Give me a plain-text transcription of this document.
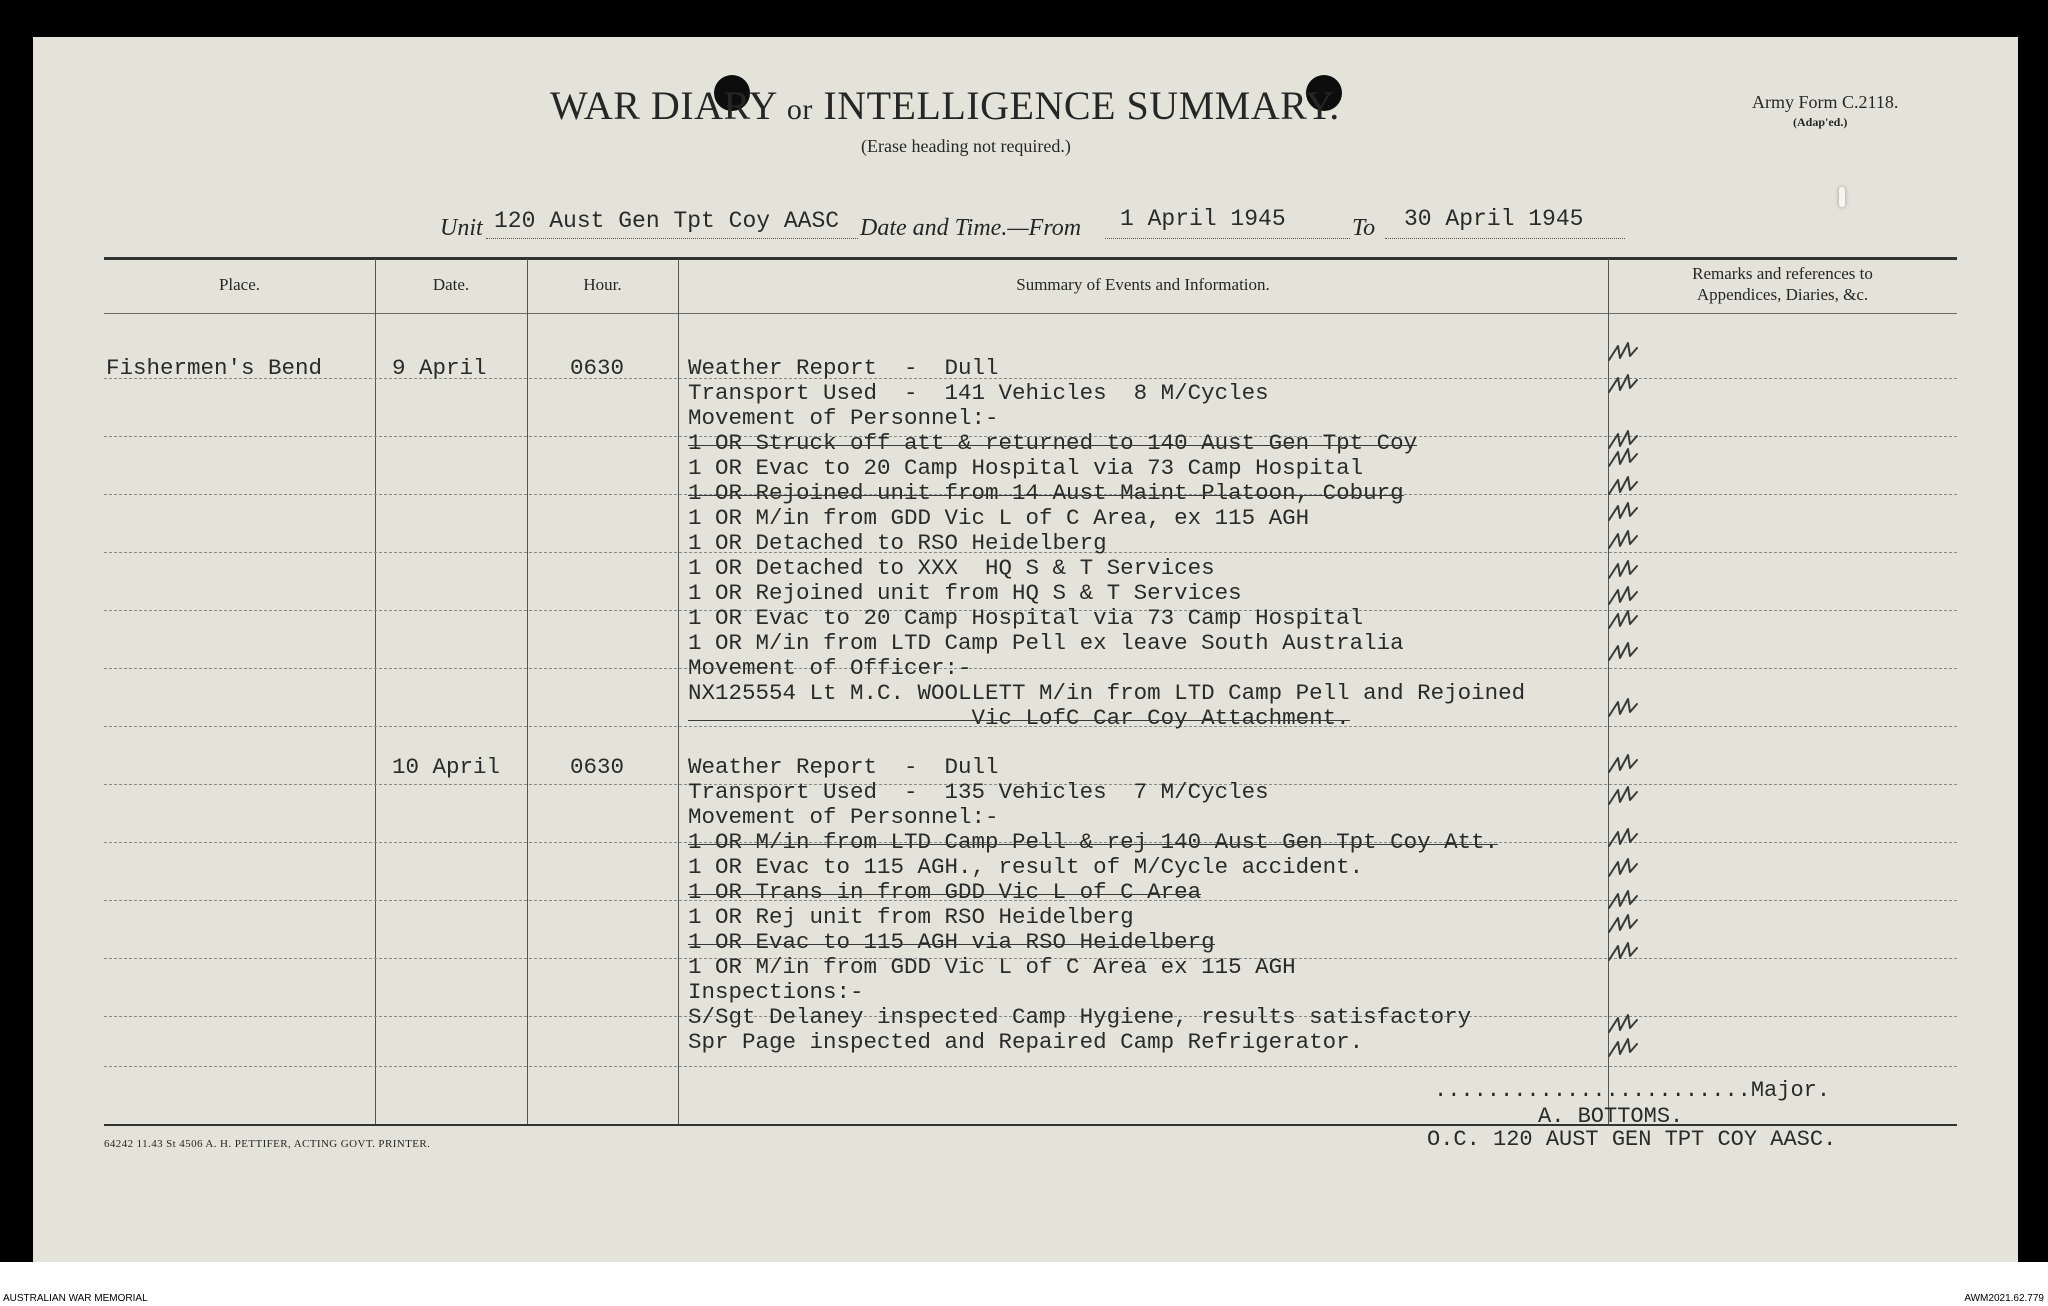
WAR DIARY or INTELLIGENCE SUMMARY.
(Erase heading not required.)
Army Form C.2118.
(Adap'ed.)
Unit 120 Aust Gen Tpt Coy AASC Date and Time.—From 1 April 1945	To 30 April 1945
Place.	Date.	Hour.	Summary of Events and Information.
Remarks and references to
Appendices, Diaries, &c.
Fishermen's Bend	9 April	0630	Weather Report  -  Dull
Transport Used  -  141 Vehicles  8 M/Cycles
Movement of Personnel:-
1 OR Struck off att & returned to 140 Aust Gen Tpt Coy
1 OR Evac to 20 Camp Hospital via 73 Camp Hospital
1 OR Rejoined unit from 14 Aust Maint Platoon, Coburg
1 OR M/in from GDD Vic L of C Area, ex 115 AGH
1 OR Detached to RSO Heidelberg
1 OR Detached to XXX  HQ S & T Services
1 OR Rejoined unit from HQ S & T Services
1 OR Evac to 20 Camp Hospital via 73 Camp Hospital
1 OR M/in from LTD Camp Pell ex leave South Australia
Movement of Officer:-
NX125554 Lt M.C. WOOLLETT M/in from LTD Camp Pell and Rejoined
Vic LofC Car Coy Attachment.
10 April	0630	Weather Report  -  Dull
Transport Used  -  135 Vehicles  7 M/Cycles
Movement of Personnel:-
1 OR M/in from LTD Camp Pell & rej 140 Aust Gen Tpt Coy Att.
1 OR Evac to 115 AGH., result of M/Cycle accident.
1 OR Trans in from GDD Vic L of C Area
1 OR Rej unit from RSO Heidelberg
1 OR Evac to 115 AGH via RSO Heidelberg
1 OR M/in from GDD Vic L of C Area ex 115 AGH
Inspections:-
S/Sgt Delaney inspected Camp Hygiene, results satisfactory
Spr Page inspected and Repaired Camp Refrigerator.
........................Major.
A. BOTTOMS.
O.C. 120 AUST GEN TPT COY AASC.
64242 11.43 St 4506 A. H. PETTIFER, ACTING GOVT. PRINTER.
AUSTRALIAN WAR MEMORIAL	AWM2021.62.779
